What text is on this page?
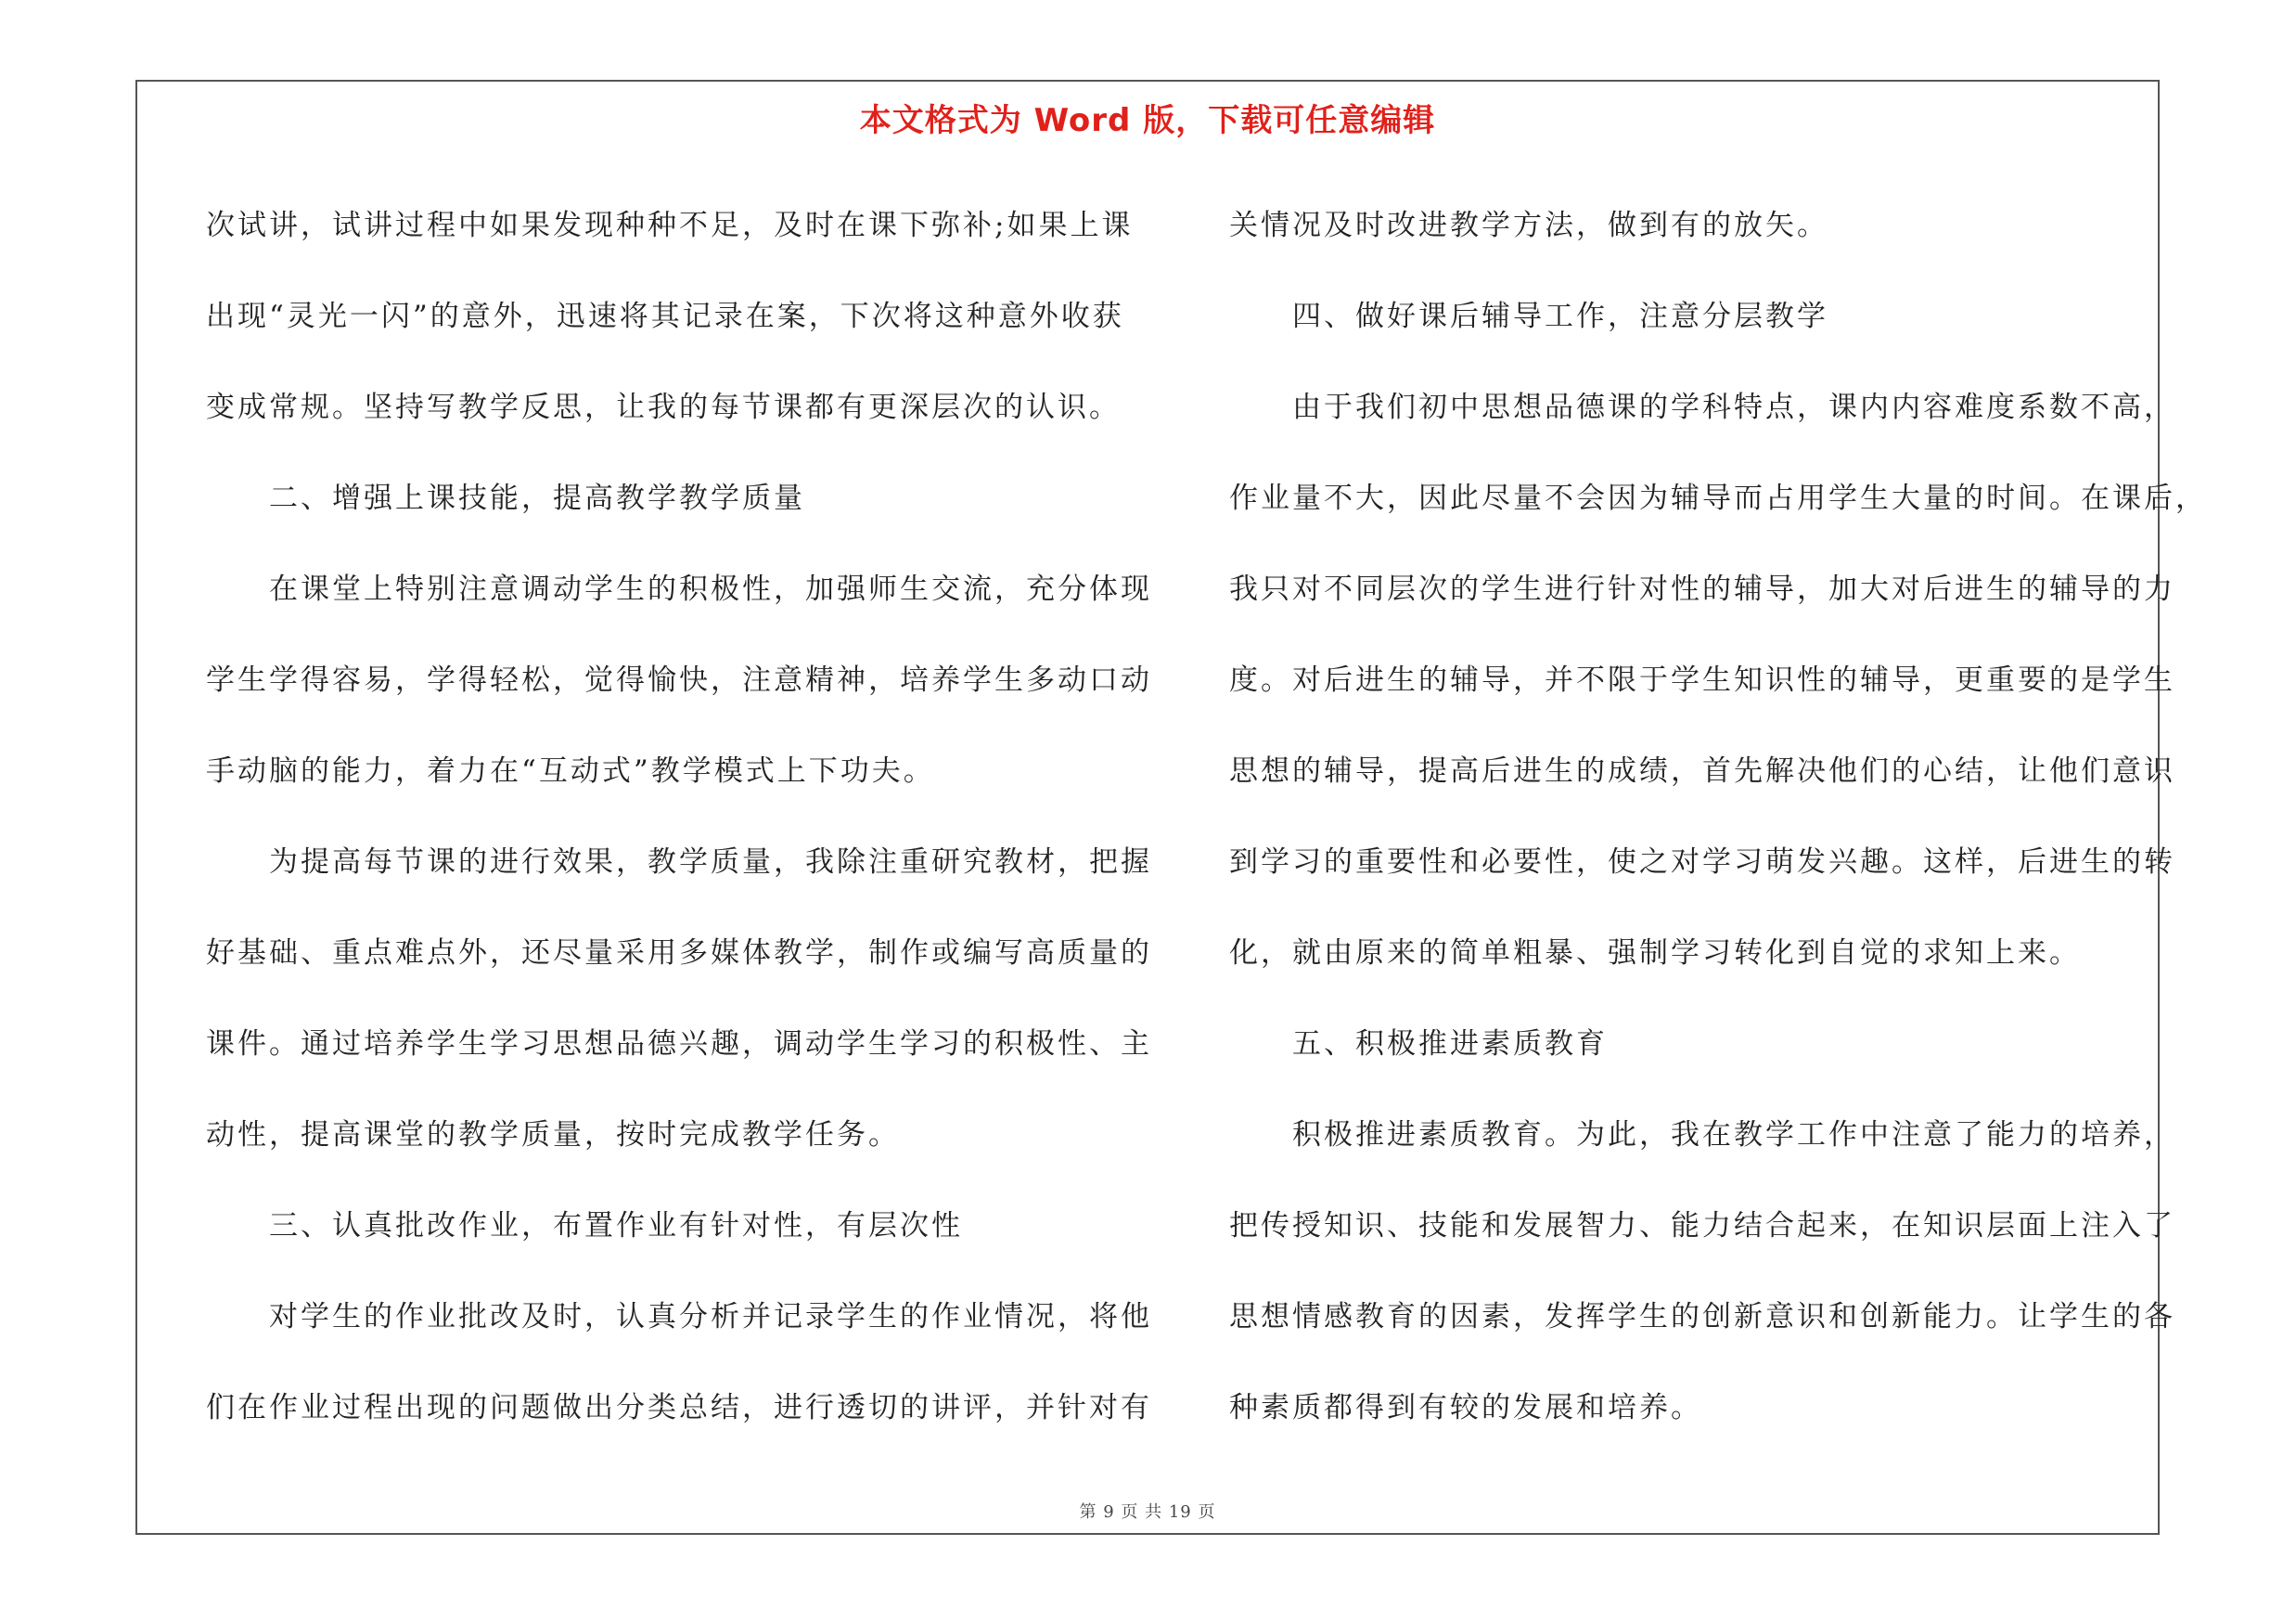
本文格式为 Word 版，下载可任意编辑
次试讲，试讲过程中如果发现种种不足，及时在课下弥补;如果上课
出现“灵光一闪”的意外，迅速将其记录在案，下次将这种意外收获
变成常规。坚持写教学反思，让我的每节课都有更深层次的认识。
　　二、增强上课技能，提高教学教学质量
　　在课堂上特别注意调动学生的积极性，加强师生交流，充分体现
学生学得容易，学得轻松，觉得愉快，注意精神，培养学生多动口动
手动脑的能力，着力在“互动式”教学模式上下功夫。
　　为提高每节课的进行效果，教学质量，我除注重研究教材，把握
好基础、重点难点外，还尽量采用多媒体教学，制作或编写高质量的
课件。通过培养学生学习思想品德兴趣，调动学生学习的积极性、主
动性，提高课堂的教学质量，按时完成教学任务。
　　三、认真批改作业，布置作业有针对性，有层次性
　　对学生的作业批改及时，认真分析并记录学生的作业情况，将他
们在作业过程出现的问题做出分类总结，进行透切的讲评，并针对有
关情况及时改进教学方法，做到有的放矢。
　　四、做好课后辅导工作，注意分层教学
　　由于我们初中思想品德课的学科特点，课内内容难度系数不高，
作业量不大，因此尽量不会因为辅导而占用学生大量的时间。在课后，
我只对不同层次的学生进行针对性的辅导，加大对后进生的辅导的力
度。对后进生的辅导，并不限于学生知识性的辅导，更重要的是学生
思想的辅导，提高后进生的成绩，首先解决他们的心结，让他们意识
到学习的重要性和必要性，使之对学习萌发兴趣。这样，后进生的转
化，就由原来的简单粗暴、强制学习转化到自觉的求知上来。
　　五、积极推进素质教育
　　积极推进素质教育。为此，我在教学工作中注意了能力的培养，
把传授知识、技能和发展智力、能力结合起来，在知识层面上注入了
思想情感教育的因素，发挥学生的创新意识和创新能力。让学生的各
种素质都得到有较的发展和培养。
第 9 页 共 19 页
